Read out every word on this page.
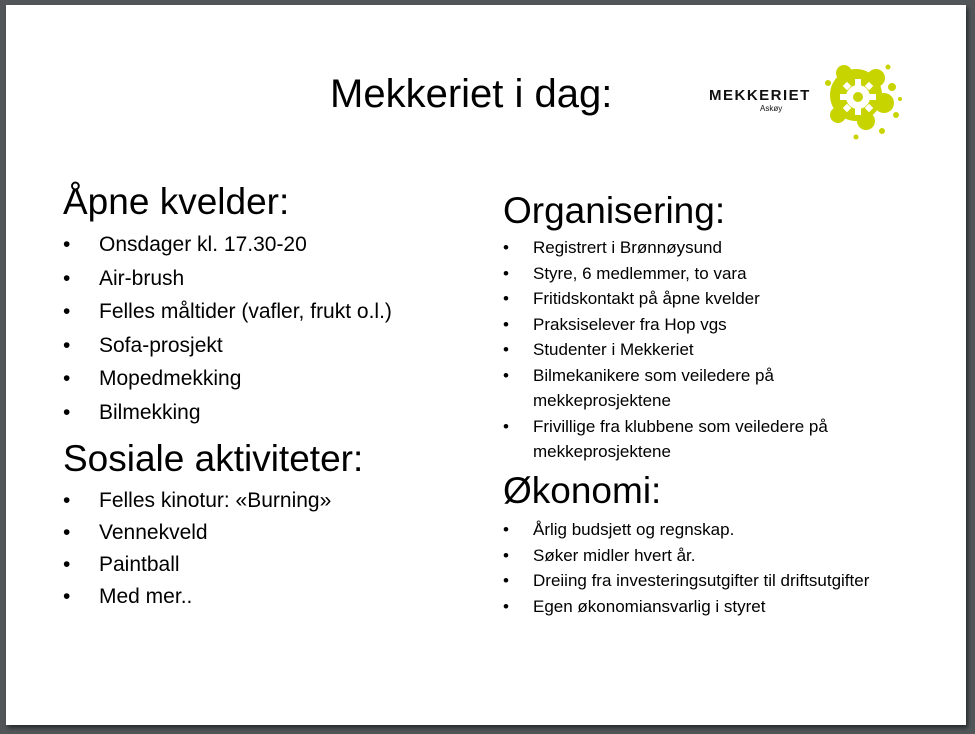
Mekkeriet i dag:	MEKKERIET
Askøy
Åpne kvelder:
• Onsdager kl. 17.30-20
• Air-brush
• Felles måltider (vafler, frukt o.l.)
• Sofa-prosjekt
• Mopedmekking
• Bilmekking
Sosiale aktiviteter:
• Felles kinotur: «Burning»
• Vennekveld
• Paintball
• Med mer..
Organisering:
• Registrert i Brønnøysund
• Styre, 6 medlemmer, to vara
• Fritidskontakt på åpne kvelder
• Praksiselever fra Hop vgs
• Studenter i Mekkeriet
• Bilmekanikere som veiledere på mekkeprosjektene
• Frivillige fra klubbene som veiledere på mekkeprosjektene
Økonomi:
• Årlig budsjett og regnskap.
• Søker midler hvert år.
• Dreiing fra investeringsutgifter til driftsutgifter
• Egen økonomiansvarlig i styret
